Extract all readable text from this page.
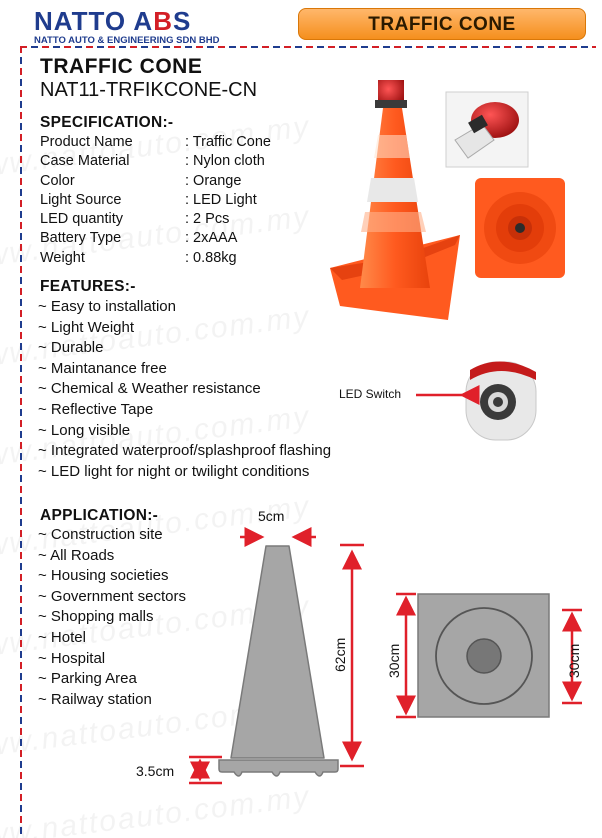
NATTO ABS
NATTO AUTO & ENGINEERING SDN BHD
TRAFFIC CONE
TRAFFIC CONE
NAT11-TRFIKCONE-CN
SPECIFICATION:-
Product Name	: Traffic Cone
Case Material	: Nylon cloth
Color	: Orange
Light Source	: LED Light
LED quantity	: 2 Pcs
Battery Type	: 2xAAA
Weight	: 0.88kg
FEATURES:-
~ Easy to installation
~ Light Weight
~ Durable
~ Maintanance free
~ Chemical & Weather resistance
~ Reflective Tape
~ Long visible
~ Integrated waterproof/splashproof flashing
~ LED light for night or twilight conditions
APPLICATION:-
~ Construction site
~ All Roads
~ Housing societies
~ Government sectors
~ Shopping malls
~ Hotel
~ Hospital
~ Parking Area
~ Railway station
LED Switch
5cm
3.5cm
62cm	30cm	30cm
